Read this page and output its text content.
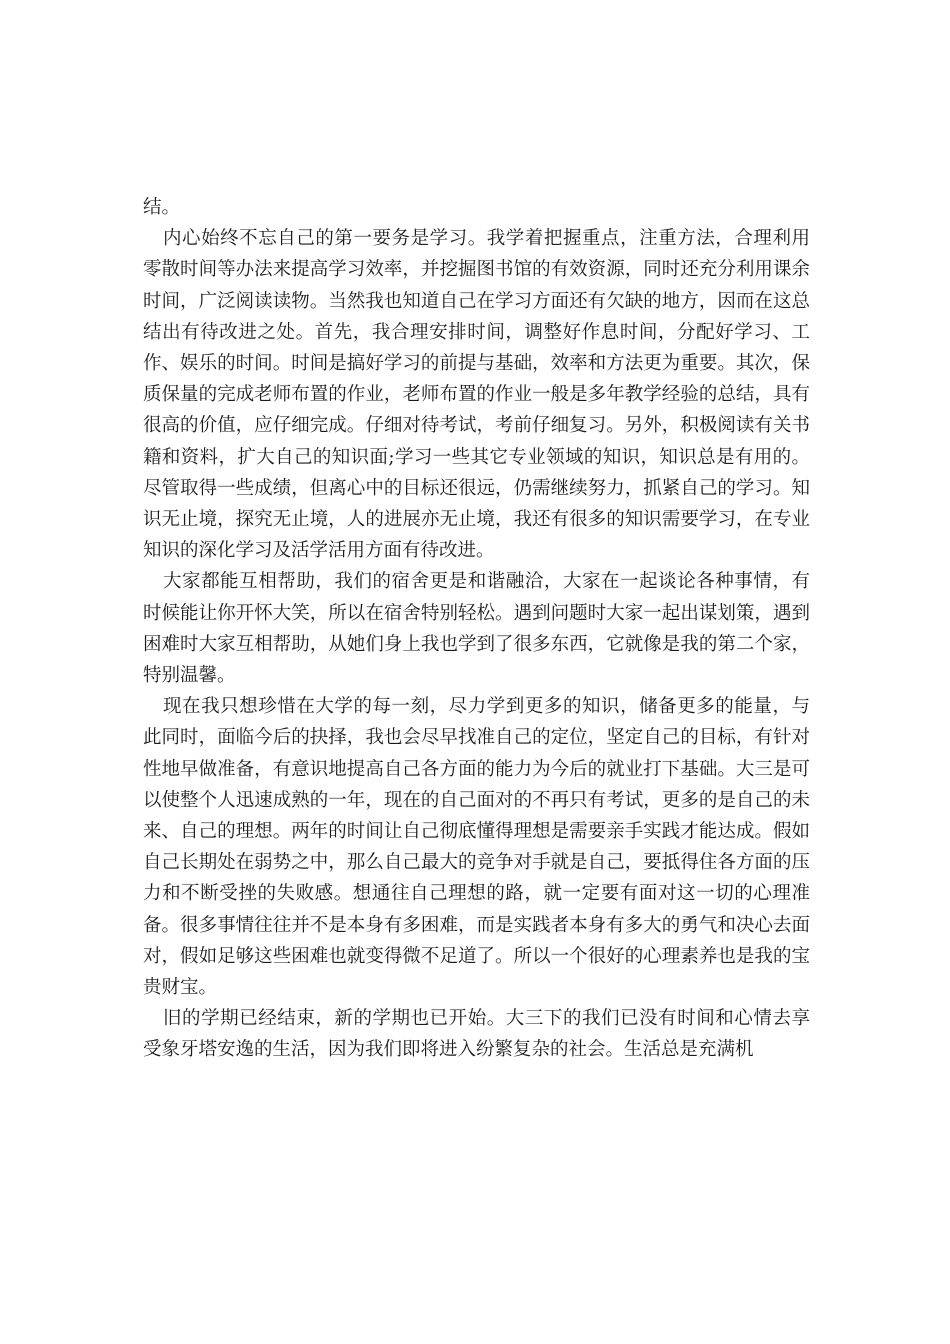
结。

内心始终不忘自己的第一要务是学习。我学着把握重点，注重方法，合理利用零散时间等办法来提高学习效率，并挖掘图书馆的有效资源，同时还充分利用课余时间，广泛阅读读物。当然我也知道自己在学习方面还有欠缺的地方，因而在这总结出有待改进之处。首先，我合理安排时间，调整好作息时间，分配好学习、工作、娱乐的时间。时间是搞好学习的前提与基础，效率和方法更为重要。其次，保质保量的完成老师布置的作业，老师布置的作业一般是多年教学经验的总结，具有很高的价值，应仔细完成。仔细对待考试，考前仔细复习。另外，积极阅读有关书籍和资料，扩大自己的知识面;学习一些其它专业领域的知识，知识总是有用的。尽管取得一些成绩，但离心中的目标还很远，仍需继续努力，抓紧自己的学习。知识无止境，探究无止境，人的进展亦无止境，我还有很多的知识需要学习，在专业知识的深化学习及活学活用方面有待改进。

大家都能互相帮助，我们的宿舍更是和谐融洽，大家在一起谈论各种事情，有时候能让你开怀大笑，所以在宿舍特别轻松。遇到问题时大家一起出谋划策，遇到困难时大家互相帮助，从她们身上我也学到了很多东西，它就像是我的第二个家，特别温馨。

现在我只想珍惜在大学的每一刻，尽力学到更多的知识，储备更多的能量，与此同时，面临今后的抉择，我也会尽早找准自己的定位，坚定自己的目标，有针对性地早做准备，有意识地提高自己各方面的能力为今后的就业打下基础。大三是可以使整个人迅速成熟的一年，现在的自己面对的不再只有考试，更多的是自己的未来、自己的理想。两年的时间让自己彻底懂得理想是需要亲手实践才能达成。假如自己长期处在弱势之中，那么自己最大的竞争对手就是自己，要抵得住各方面的压力和不断受挫的失败感。想通往自己理想的路，就一定要有面对这一切的心理准备。很多事情往往并不是本身有多困难，而是实践者本身有多大的勇气和决心去面对，假如足够这些困难也就变得微不足道了。所以一个很好的心理素养也是我的宝贵财宝。

旧的学期已经结束，新的学期也已开始。大三下的我们已没有时间和心情去享受象牙塔安逸的生活，因为我们即将进入纷繁复杂的社会。生活总是充满机
